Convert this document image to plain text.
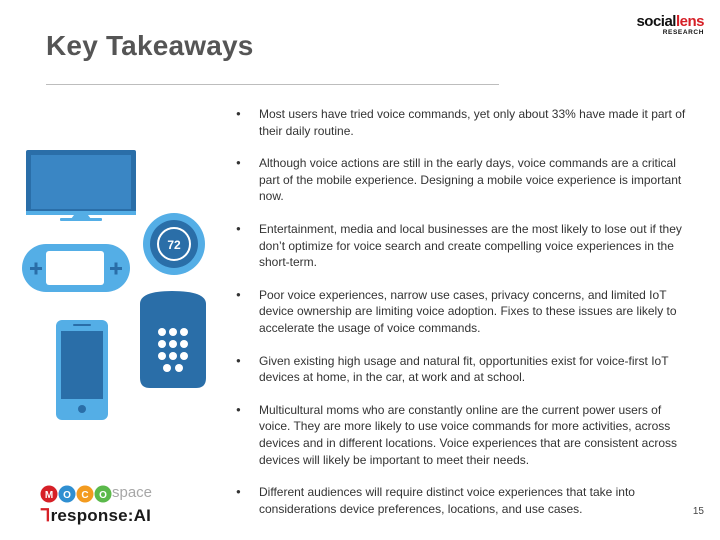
Key Takeaways
sociallens
RESEARCH
● Most users have tried voice commands, yet only about 33% have made it part of their daily routine.
● Although voice actions are still in the early days, voice commands are a critical part of the mobile experience. Designing a mobile voice experience is important now.
● Entertainment, media and local businesses are the most likely to lose out if they don’t optimize for voice search and create compelling voice experiences in the short-term.
● Poor voice experiences, narrow use cases, privacy concerns, and limited IoT device ownership are limiting voice adoption. Fixes to these issues are likely to accelerate the usage of voice commands.
● Given existing high usage and natural fit, opportunities exist for voice-first IoT devices at home, in the car, at work and at school.
● Multicultural moms who are constantly online are the current power users of voice. They are more likely to use voice commands for more activities, across devices and in different locations. Voice experiences that are consistent across devices will likely be important to meet their needs.
● Different audiences will require distinct voice experiences that take into considerations device preferences, locations, and use cases.
72
M O C O space
ᒣresponse:AI	15
